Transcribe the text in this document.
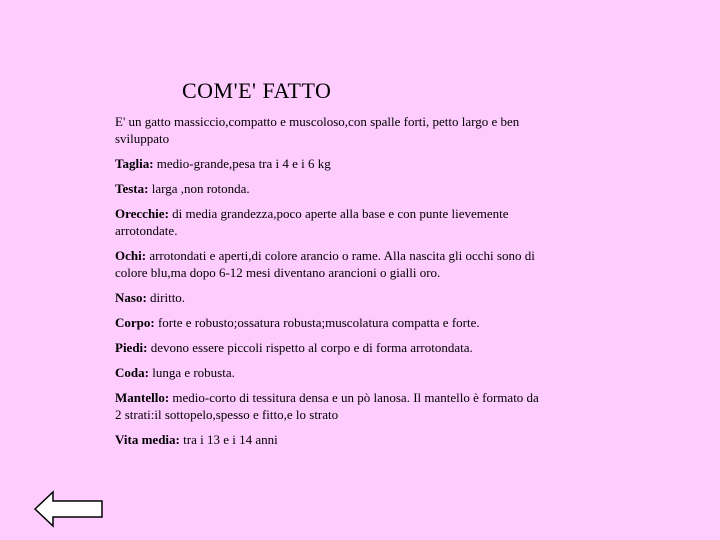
COM'E' FATTO

E' un gatto massiccio,compatto e muscoloso,con spalle forti, petto largo e ben sviluppato

Taglia: medio-grande,pesa tra i 4 e i 6 kg

Testa: larga ,non rotonda.

Orecchie: di media grandezza,poco aperte alla base e con punte lievemente arrotondate.

Ochi: arrotondati e aperti,di colore arancio o rame. Alla nascita gli occhi sono di colore blu,ma dopo 6-12 mesi diventano arancioni o gialli oro.

Naso: diritto.

Corpo: forte e robusto;ossatura robusta;muscolatura compatta e forte.

Piedi: devono essere piccoli rispetto al corpo e di forma arrotondata.

Coda: lunga e robusta.

Mantello: medio-corto di tessitura densa e un pò lanosa. Il mantello è formato da 2 strati:il sottopelo,spesso e fitto,e lo strato

Vita media: tra i 13 e i 14 anni
